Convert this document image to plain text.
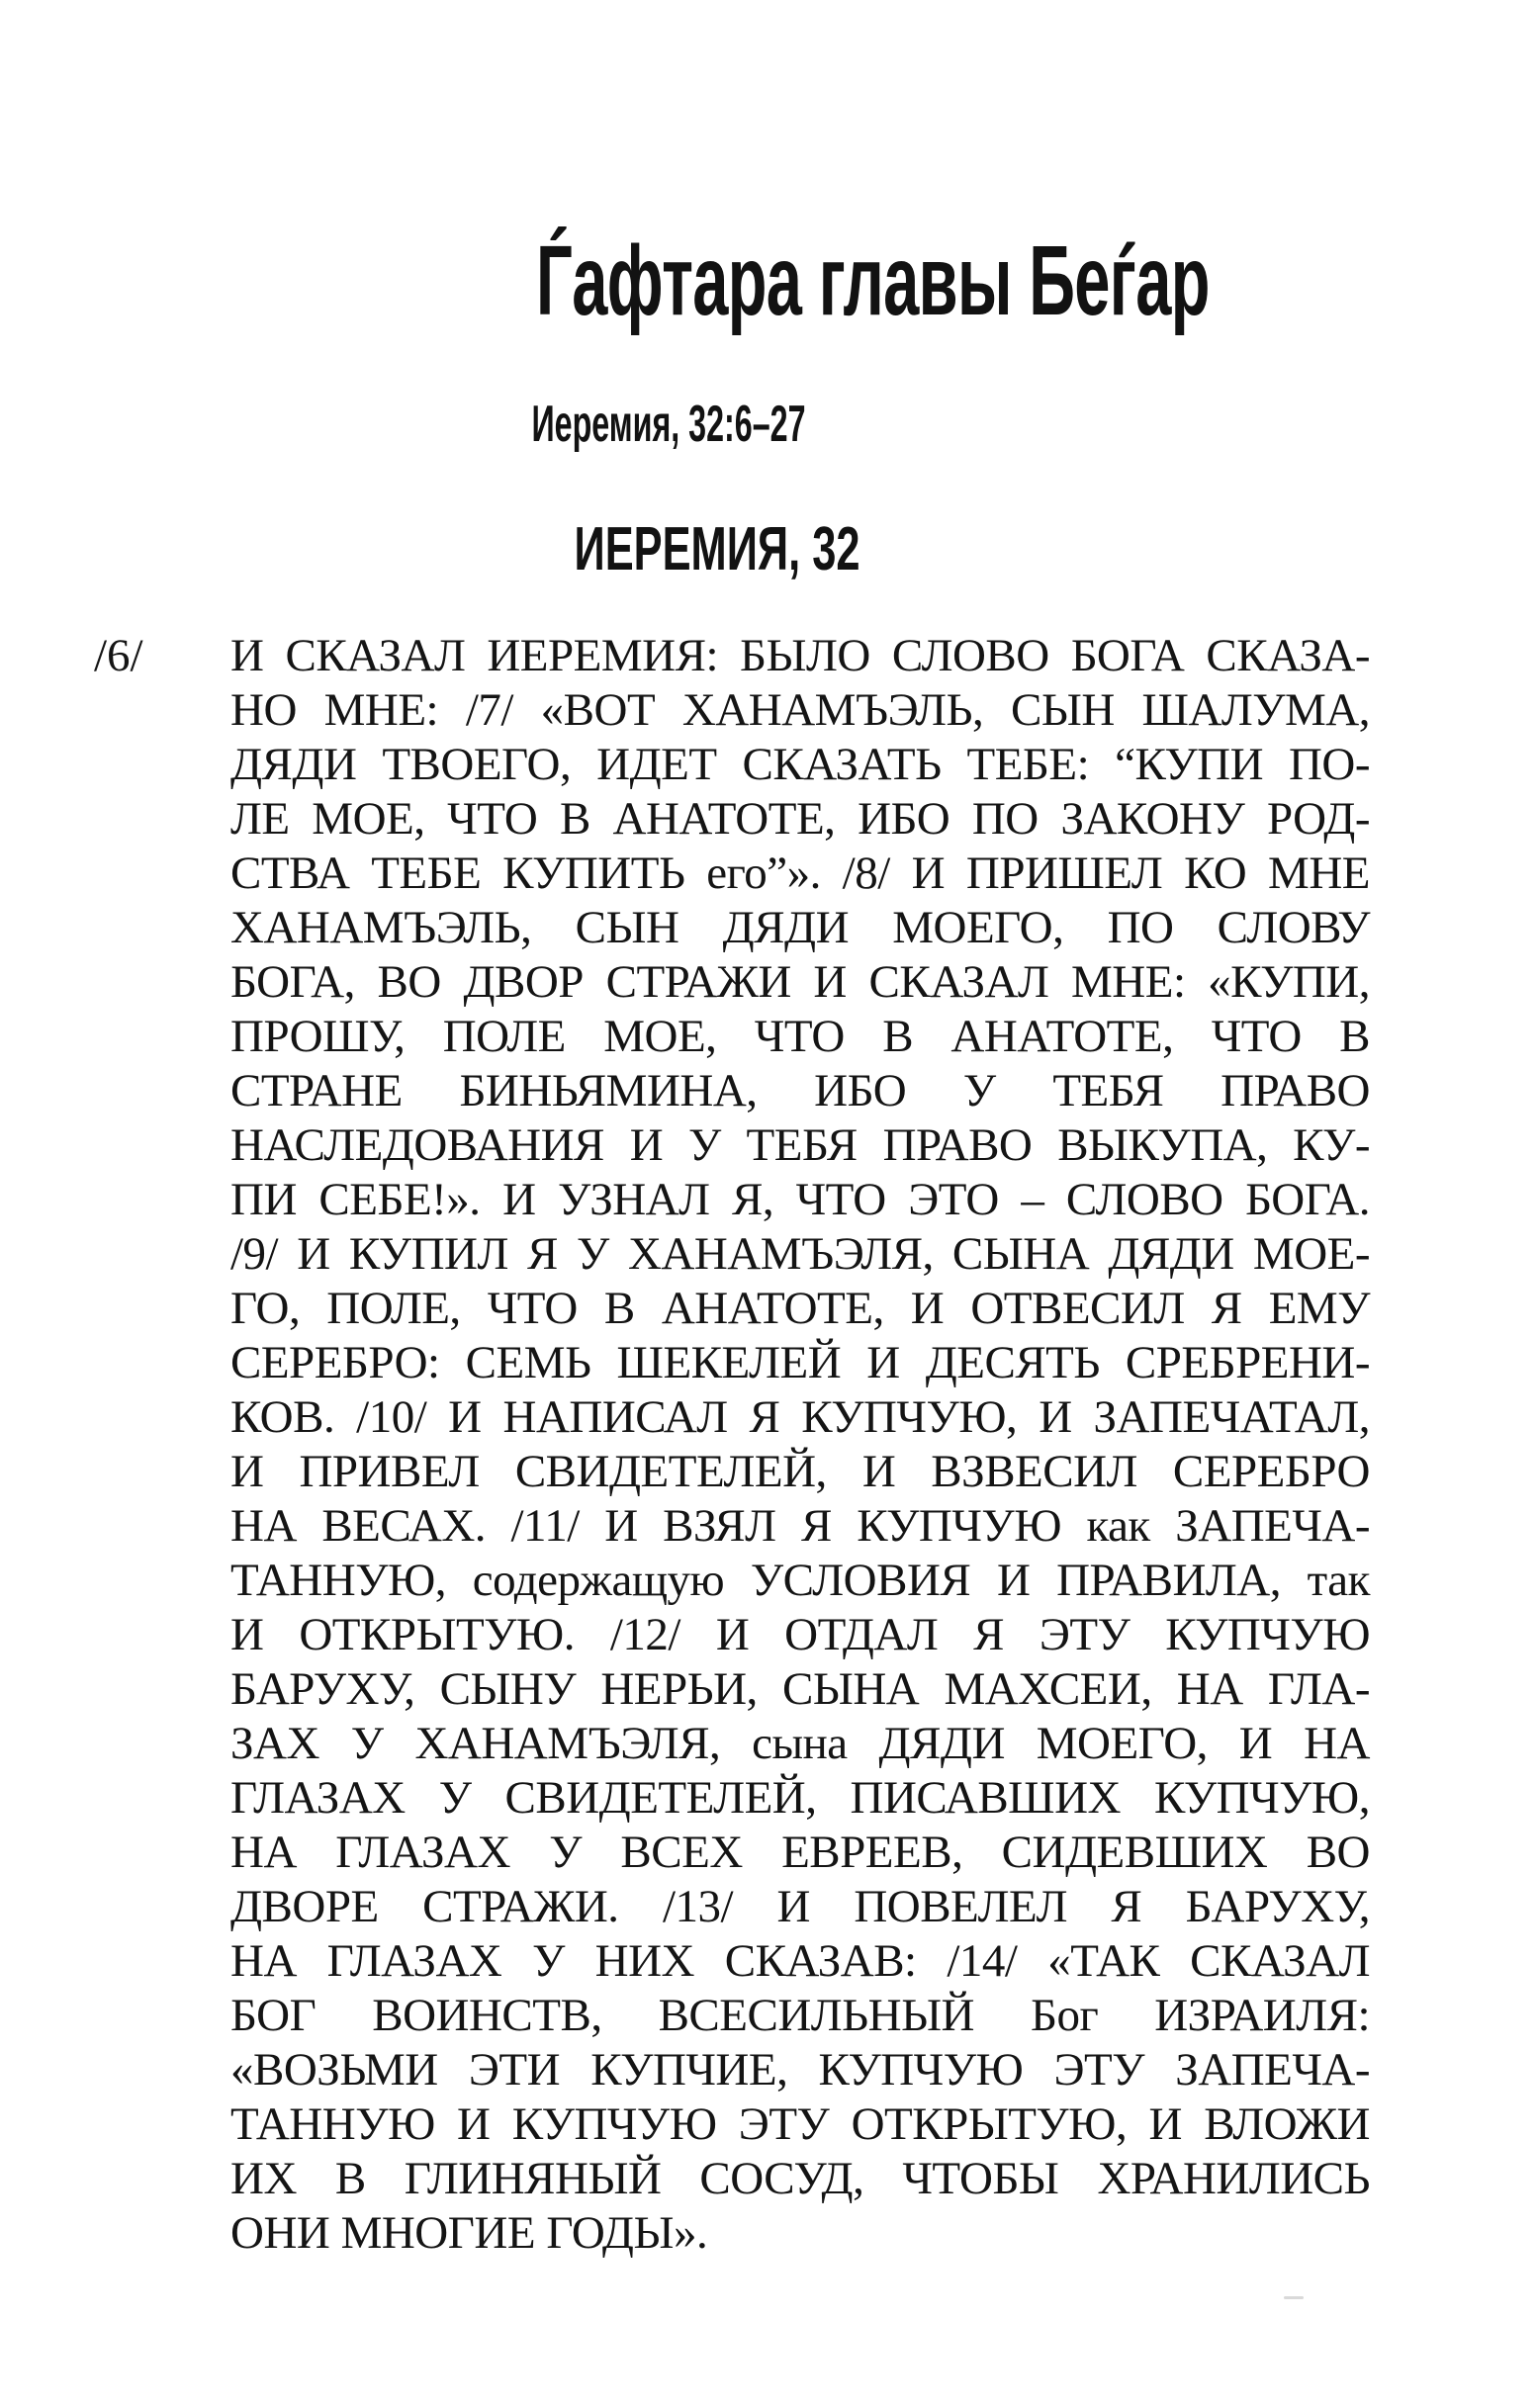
Ѓафтара главы Беѓар
Иеремия, 32:6–27
ИЕРЕМИЯ, 32
/6/ И СКАЗАЛ ИЕРЕМИЯ: БЫЛО СЛОВО БОГА СКАЗА-
НО МНЕ: /7/ «ВОТ ХАНАМЪЭЛЬ, СЫН ШАЛУМА,
ДЯДИ ТВОЕГО, ИДЕТ СКАЗАТЬ ТЕБЕ: “КУПИ ПО-
ЛЕ МОЕ, ЧТО В АНАТОТЕ, ИБО ПО ЗАКОНУ РОД-
СТВА ТЕБЕ КУПИТЬ его”». /8/ И ПРИШЕЛ КО МНЕ
ХАНАМЪЭЛЬ, СЫН ДЯДИ МОЕГО, ПО СЛОВУ
БОГА, ВО ДВОР СТРАЖИ И СКАЗАЛ МНЕ: «КУПИ,
ПРОШУ, ПОЛЕ МОЕ, ЧТО В АНАТОТЕ, ЧТО В
СТРАНЕ БИНЬЯМИНА, ИБО У ТЕБЯ ПРАВО
НАСЛЕДОВАНИЯ И У ТЕБЯ ПРАВО ВЫКУПА, КУ-
ПИ СЕБЕ!». И УЗНАЛ Я, ЧТО ЭТО – СЛОВО БОГА.
/9/ И КУПИЛ Я У ХАНАМЪЭЛЯ, СЫНА ДЯДИ МОЕ-
ГО, ПОЛЕ, ЧТО В АНАТОТЕ, И ОТВЕСИЛ Я ЕМУ
СЕРЕБРО: СЕМЬ ШЕКЕЛЕЙ И ДЕСЯТЬ СРЕБРЕНИ-
КОВ. /10/ И НАПИСАЛ Я КУПЧУЮ, И ЗАПЕЧАТАЛ,
И ПРИВЕЛ СВИДЕТЕЛЕЙ, И ВЗВЕСИЛ СЕРЕБРО
НА ВЕСАХ. /11/ И ВЗЯЛ Я КУПЧУЮ как ЗАПЕЧА-
ТАННУЮ, содержащую УСЛОВИЯ И ПРАВИЛА, так
И ОТКРЫТУЮ. /12/ И ОТДАЛ Я ЭТУ КУПЧУЮ
БАРУХУ, СЫНУ НЕРЬИ, СЫНА МАХСЕИ, НА ГЛА-
ЗАХ У ХАНАМЪЭЛЯ, сына ДЯДИ МОЕГО, И НА
ГЛАЗАХ У СВИДЕТЕЛЕЙ, ПИСАВШИХ КУПЧУЮ,
НА ГЛАЗАХ У ВСЕХ ЕВРЕЕВ, СИДЕВШИХ ВО
ДВОРЕ СТРАЖИ. /13/ И ПОВЕЛЕЛ Я БАРУХУ,
НА ГЛАЗАХ У НИХ СКАЗАВ: /14/ «ТАК СКАЗАЛ
БОГ ВОИНСТВ, ВСЕСИЛЬНЫЙ Бог ИЗРАИЛЯ:
«ВОЗЬМИ ЭТИ КУПЧИЕ, КУПЧУЮ ЭТУ ЗАПЕЧА-
ТАННУЮ И КУПЧУЮ ЭТУ ОТКРЫТУЮ, И ВЛОЖИ
ИХ В ГЛИНЯНЫЙ СОСУД, ЧТОБЫ ХРАНИЛИСЬ
ОНИ МНОГИЕ ГОДЫ».
